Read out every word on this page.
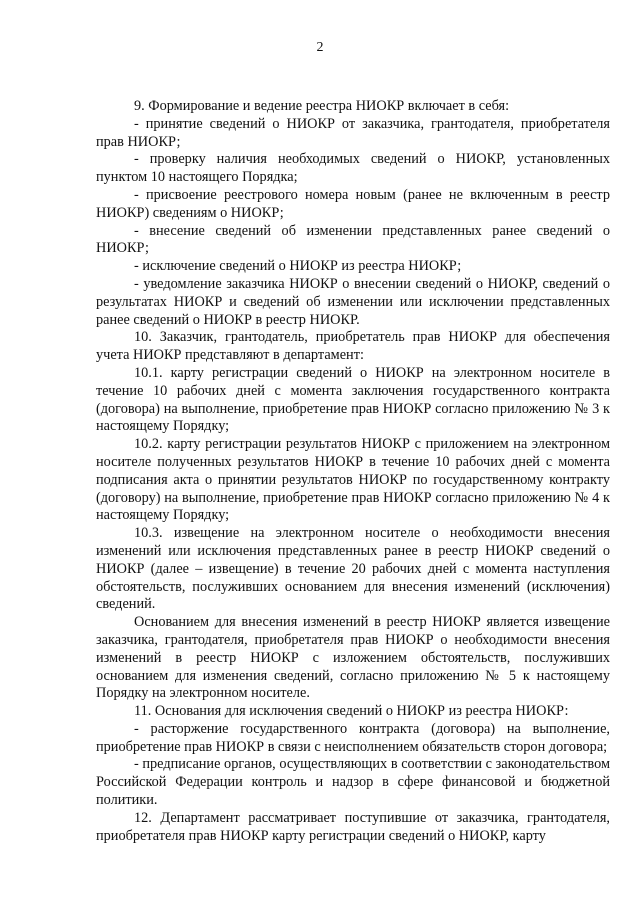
2

9. Формирование и ведение реестра НИОКР включает в себя:

- принятие сведений о НИОКР от заказчика, грантодателя, приобретателя прав НИОКР;

- проверку наличия необходимых сведений о НИОКР, установленных пунктом 10 настоящего Порядка;

- присвоение реестрового номера новым (ранее не включенным в реестр НИОКР) сведениям о НИОКР;

- внесение сведений об изменении представленных ранее сведений о НИОКР;

- исключение сведений о НИОКР из реестра НИОКР;

- уведомление заказчика НИОКР о внесении сведений о НИОКР, сведений о результатах НИОКР и сведений об изменении или исключении представленных ранее сведений о НИОКР в реестр НИОКР.

10. Заказчик, грантодатель, приобретатель прав НИОКР для обеспечения учета НИОКР представляют в департамент:

10.1. карту регистрации сведений о НИОКР на электронном носителе в течение 10 рабочих дней с момента заключения государственного контракта (договора) на выполнение, приобретение прав НИОКР согласно приложению № 3 к настоящему Порядку;

10.2. карту регистрации результатов НИОКР с приложением на электронном носителе полученных результатов НИОКР в течение 10 рабочих дней с момента подписания акта о принятии результатов НИОКР по государственному контракту (договору) на выполнение, приобретение прав НИОКР согласно приложению № 4 к настоящему Порядку;

10.3. извещение на электронном носителе о необходимости внесения изменений или исключения представленных ранее в реестр НИОКР сведений о НИОКР (далее – извещение) в течение 20 рабочих дней с момента наступления обстоятельств, послуживших основанием для внесения изменений (исключения) сведений.

Основанием для внесения изменений в реестр НИОКР является извещение заказчика, грантодателя, приобретателя прав НИОКР о необходимости внесения изменений в реестр НИОКР с изложением обстоятельств, послуживших основанием для изменения сведений, согласно приложению № 5 к настоящему Порядку на электронном носителе.

11. Основания для исключения сведений о НИОКР из реестра НИОКР:

- расторжение государственного контракта (договора) на выполнение, приобретение прав НИОКР в связи с неисполнением обязательств сторон договора;

- предписание органов, осуществляющих в соответствии с законодательством Российской Федерации контроль и надзор в сфере финансовой и бюджетной политики.

12. Департамент рассматривает поступившие от заказчика, грантодателя, приобретателя прав НИОКР карту регистрации сведений о НИОКР, карту
